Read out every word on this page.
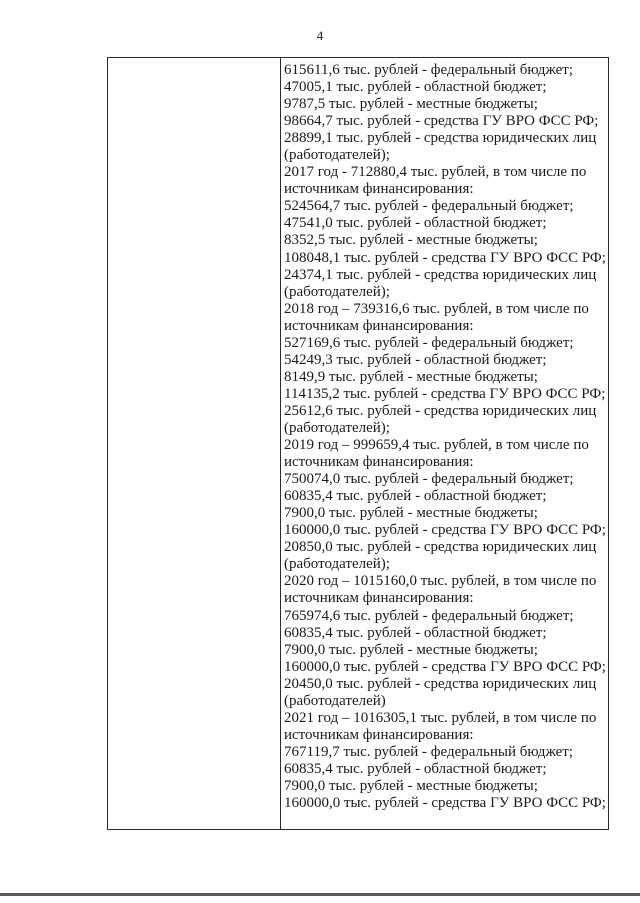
4
615611,6 тыс. рублей - федеральный бюджет;
47005,1 тыс. рублей - областной бюджет;
9787,5 тыс. рублей - местные бюджеты;
98664,7 тыс. рублей - средства ГУ ВРО ФСС РФ;
28899,1 тыс. рублей - средства юридических лиц
(работодателей);
2017 год - 712880,4 тыс. рублей, в том числе по
источникам финансирования:
524564,7 тыс. рублей - федеральный бюджет;
47541,0 тыс. рублей - областной бюджет;
8352,5 тыс. рублей - местные бюджеты;
108048,1 тыс. рублей - средства ГУ ВРО ФСС РФ;
24374,1 тыс. рублей - средства юридических лиц
(работодателей);
2018 год – 739316,6 тыс. рублей, в том числе по
источникам финансирования:
527169,6 тыс. рублей - федеральный бюджет;
54249,3 тыс. рублей - областной бюджет;
8149,9 тыс. рублей - местные бюджеты;
114135,2 тыс. рублей - средства ГУ ВРО ФСС РФ;
25612,6 тыс. рублей - средства юридических лиц
(работодателей);
2019 год – 999659,4 тыс. рублей, в том числе по
источникам финансирования:
750074,0 тыс. рублей - федеральный бюджет;
60835,4 тыс. рублей - областной бюджет;
7900,0 тыс. рублей - местные бюджеты;
160000,0 тыс. рублей - средства ГУ ВРО ФСС РФ;
20850,0 тыс. рублей - средства юридических лиц
(работодателей);
2020 год – 1015160,0 тыс. рублей, в том числе по
источникам финансирования:
765974,6 тыс. рублей - федеральный бюджет;
60835,4 тыс. рублей - областной бюджет;
7900,0 тыс. рублей - местные бюджеты;
160000,0 тыс. рублей - средства ГУ ВРО ФСС РФ;
20450,0 тыс. рублей - средства юридических лиц
(работодателей)
2021 год – 1016305,1 тыс. рублей, в том числе по
источникам финансирования:
767119,7 тыс. рублей - федеральный бюджет;
60835,4 тыс. рублей - областной бюджет;
7900,0 тыс. рублей - местные бюджеты;
160000,0 тыс. рублей - средства ГУ ВРО ФСС РФ;
